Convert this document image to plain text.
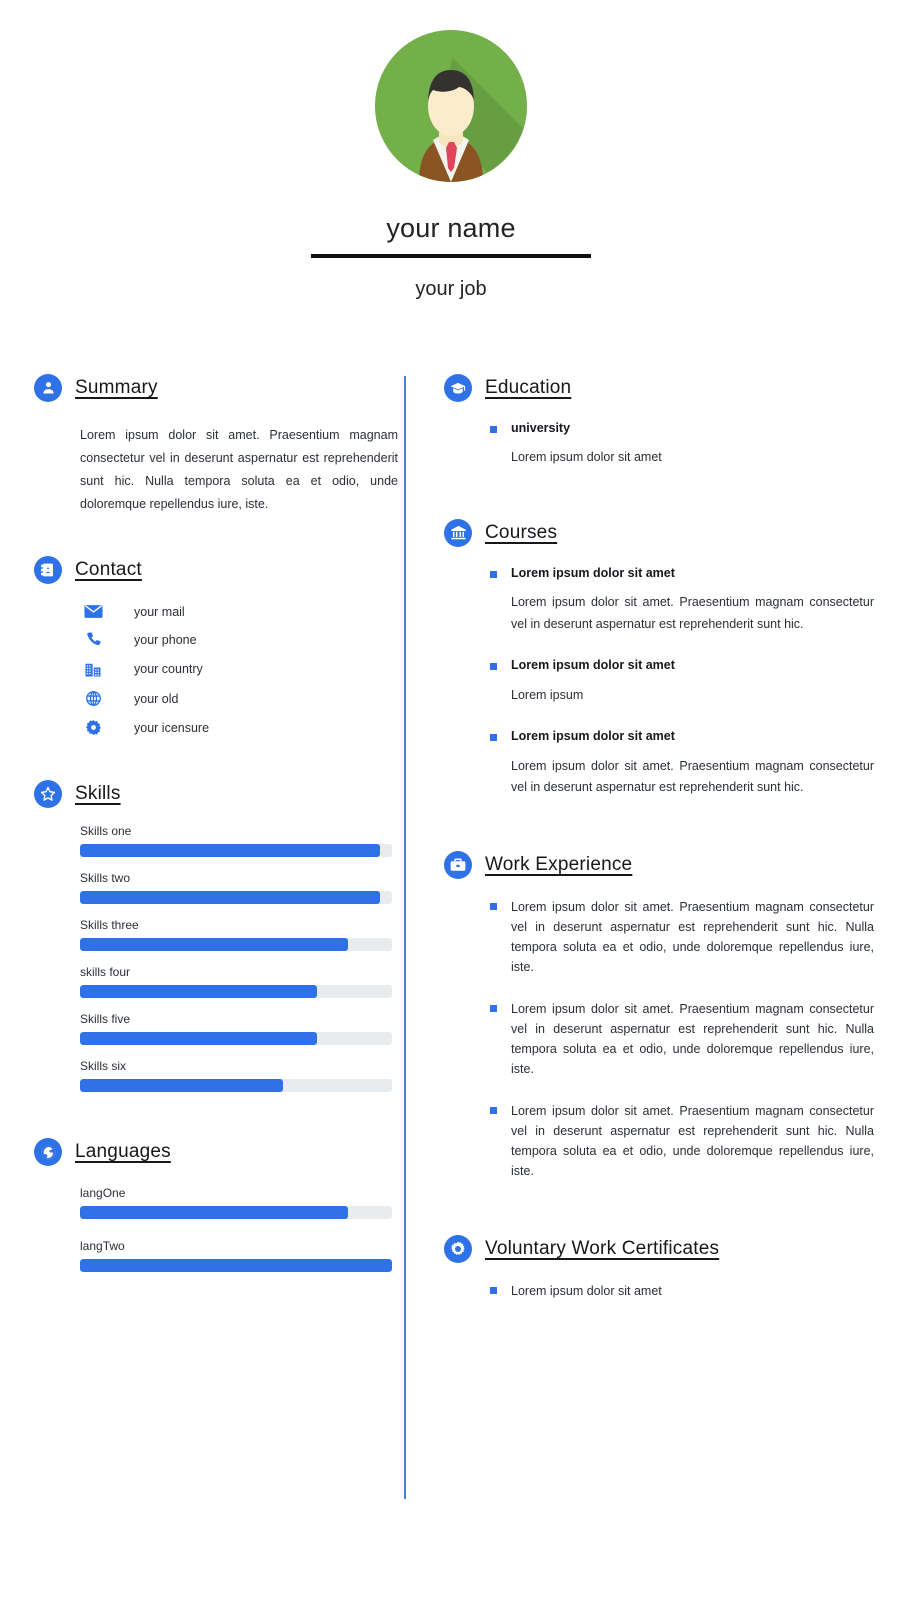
your name
your job
Summary

Lorem ipsum dolor sit amet. Praesentium magnam consectetur vel in deserunt aspernatur est reprehenderit sunt hic. Nulla tempora soluta ea et odio, unde doloremque repellendus iure, iste.

Contact
your mail
your phone
your country
your old
your icensure
Skills
Skills one
Skills two
Skills three
skills four
Skills five
Skills six
Languages
langOne
langTwo
Education
university
Lorem ipsum dolor sit amet
Courses
Lorem ipsum dolor sit amet
Lorem ipsum dolor sit amet. Praesentium magnam consectetur vel in deserunt aspernatur est reprehenderit sunt hic.
Lorem ipsum dolor sit amet
Lorem ipsum
Lorem ipsum dolor sit amet
Lorem ipsum dolor sit amet. Praesentium magnam consectetur vel in deserunt aspernatur est reprehenderit sunt hic.
Work Experience
Lorem ipsum dolor sit amet. Praesentium magnam consectetur vel in deserunt aspernatur est reprehenderit sunt hic. Nulla tempora soluta ea et odio, unde doloremque repellendus iure, iste.
Lorem ipsum dolor sit amet. Praesentium magnam consectetur vel in deserunt aspernatur est reprehenderit sunt hic. Nulla tempora soluta ea et odio, unde doloremque repellendus iure, iste.
Lorem ipsum dolor sit amet. Praesentium magnam consectetur vel in deserunt aspernatur est reprehenderit sunt hic. Nulla tempora soluta ea et odio, unde doloremque repellendus iure, iste.
Voluntary Work Certificates
Lorem ipsum dolor sit amet
